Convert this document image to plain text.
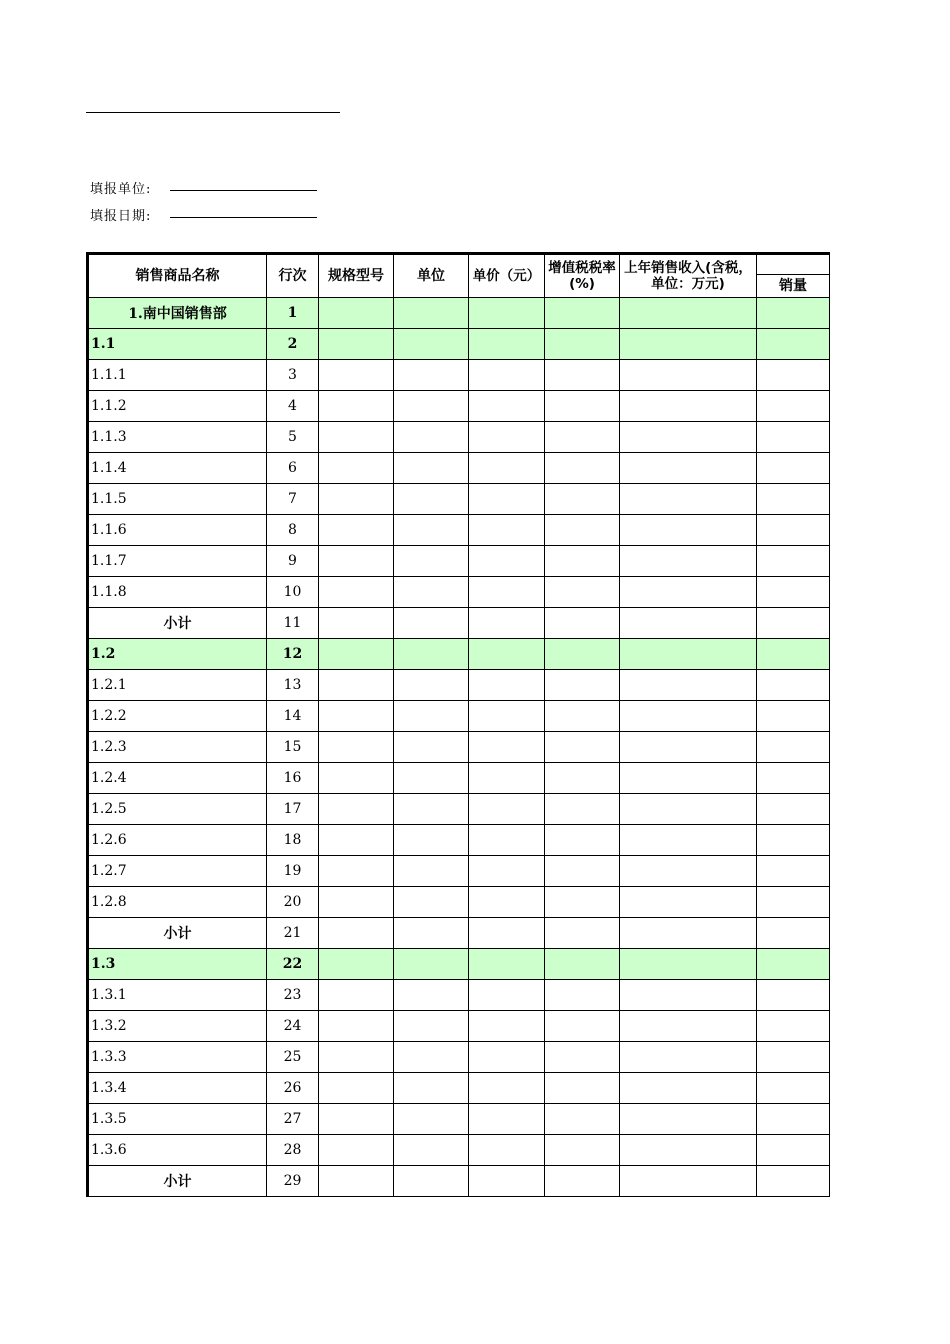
填报单位:
填报日期:
销售商品名称	行次	规格型号	单位	单价（元）	增值税税率(%)	上年销售收入(含税，单位：万元)	销量

1.南中国销售部	1						
1.1	2						
1.1.1	3						
1.1.2	4						
1.1.3	5						
1.1.4	6						
1.1.5	7						
1.1.6	8						
1.1.7	9						
1.1.8	10						
小计	11						
1.2	12						
1.2.1	13						
1.2.2	14						
1.2.3	15						
1.2.4	16						
1.2.5	17						
1.2.6	18						
1.2.7	19						
1.2.8	20						
小计	21						
1.3	22						
1.3.1	23						
1.3.2	24						
1.3.3	25						
1.3.4	26						
1.3.5	27						
1.3.6	28						
小计	29						
